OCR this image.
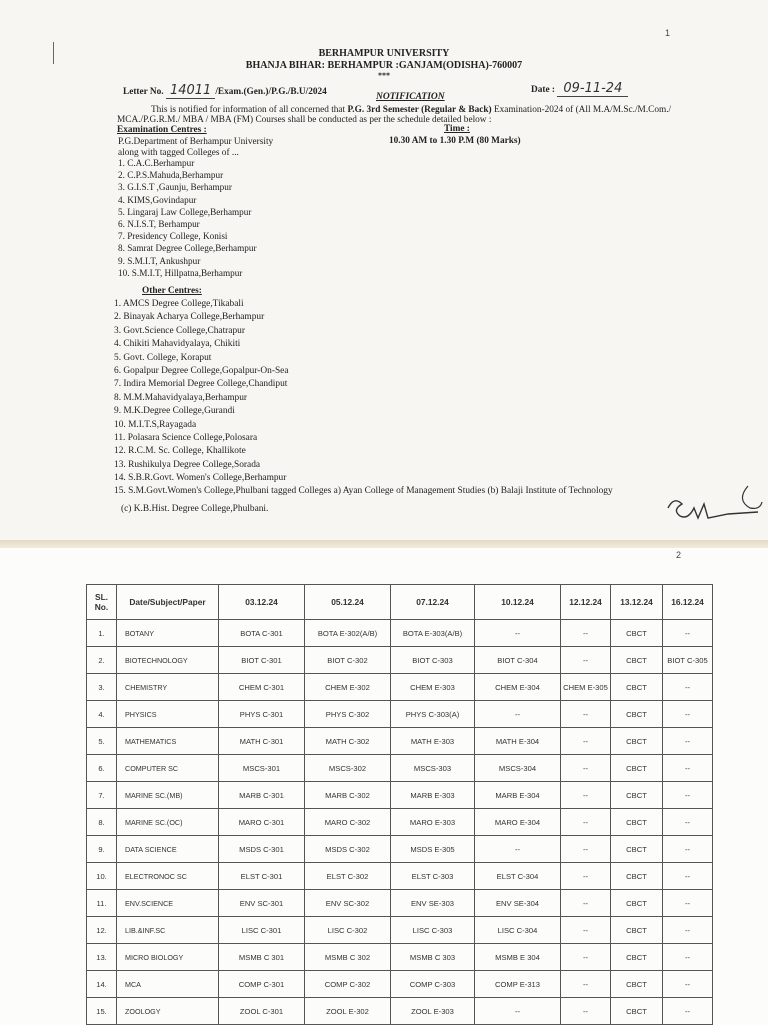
1
BERHAMPUR UNIVERSITY
BHANJA BIHAR: BERHAMPUR :GANJAM(ODISHA)-760007
***
Letter No. 14011 /Exam.(Gen.)/P.G./B.U/2024	Date : 09-11-24
NOTIFICATION
This is notified for information of all concerned that P.G. 3rd Semester (Regular & Back) Examination-2024 of (All M.A/M.Sc./M.Com./
MCA./P.G.R.M./ MBA / MBA (FM) Courses shall be conducted as per the schedule detailed below :
Examination Centres :	Time :
10.30 AM to 1.30 P.M (80 Marks)
P.G.Department of Berhampur University
along with tagged Colleges of ...
1. C.A.C.Berhampur
2. C.P.S.Mahuda,Berhampur
3. G.I.S.T ,Gaunju, Berhampur
4. KIMS,Govindapur
5. Lingaraj Law College,Berhampur
6. N.I.S.T, Berhampur
7. Presidency College, Konisi
8. Samrat Degree College,Berhampur
9. S.M.I.T, Ankushpur
10. S.M.I.T, Hillpatna,Berhampur
Other Centres:
1. AMCS Degree College,Tikabali
2. Binayak Acharya College,Berhampur
3. Govt.Science College,Chatrapur
4. Chikiti Mahavidyalaya, Chikiti
5. Govt. College, Koraput
6. Gopalpur Degree College,Gopalpur-On-Sea
7. Indira Memorial Degree College,Chandiput
8. M.M.Mahavidyalaya,Berhampur
9. M.K.Degree College,Gurandi
10. M.I.T.S,Rayagada
11. Polasara Science College,Polosara
12. R.C.M. Sc. College, Khallikote
13. Rushikulya Degree College,Sorada
14. S.B.R.Govt. Women's College,Berhampur
15. S.M.Govt.Women's College,Phulbani tagged Colleges a) Ayan College of Management Studies (b) Balaji Institute of Technology
(c) K.B.Hist. Degree College,Phulbani.
2
SL. No.	Date/Subject/Paper	03.12.24	05.12.24	07.12.24	10.12.24	12.12.24	13.12.24	16.12.24
1.	BOTANY	BOTA C-301	BOTA E-302(A/B)	BOTA E-303(A/B)	--	--	CBCT	--
2.	BIOTECHNOLOGY	BIOT C-301	BIOT C-302	BIOT C-303	BIOT C-304	--	CBCT	BIOT C-305
3.	CHEMISTRY	CHEM C-301	CHEM E-302	CHEM E-303	CHEM E-304	CHEM E-305	CBCT	--
4.	PHYSICS	PHYS C-301	PHYS C-302	PHYS C-303(A)	--	--	CBCT	--
5.	MATHEMATICS	MATH C-301	MATH C-302	MATH E-303	MATH E-304	--	CBCT	--
6.	COMPUTER SC	MSCS-301	MSCS-302	MSCS-303	MSCS-304	--	CBCT	--
7.	MARINE SC.(MB)	MARB C-301	MARB C-302	MARB E-303	MARB E-304	--	CBCT	--
8.	MARINE SC.(OC)	MARO C-301	MARO C-302	MARO E-303	MARO E-304	--	CBCT	--
9.	DATA SCIENCE	MSDS C-301	MSDS C-302	MSDS E-305	--	--	CBCT	--
10.	ELECTRONOC SC	ELST C-301	ELST C-302	ELST C-303	ELST C-304	--	CBCT	--
11.	ENV.SCIENCE	ENV SC-301	ENV SC-302	ENV SE-303	ENV SE-304	--	CBCT	--
12.	LIB.&INF.SC	LISC C-301	LISC C-302	LISC C-303	LISC C-304	--	CBCT	--
13.	MICRO BIOLOGY	MSMB C 301	MSMB C 302	MSMB C 303	MSMB E 304	--	CBCT	--
14.	MCA	COMP C-301	COMP C-302	COMP C-303	COMP E-313	--	CBCT	--
15.	ZOOLOGY	ZOOL C-301	ZOOL E-302	ZOOL E-303	--	--	CBCT	--
